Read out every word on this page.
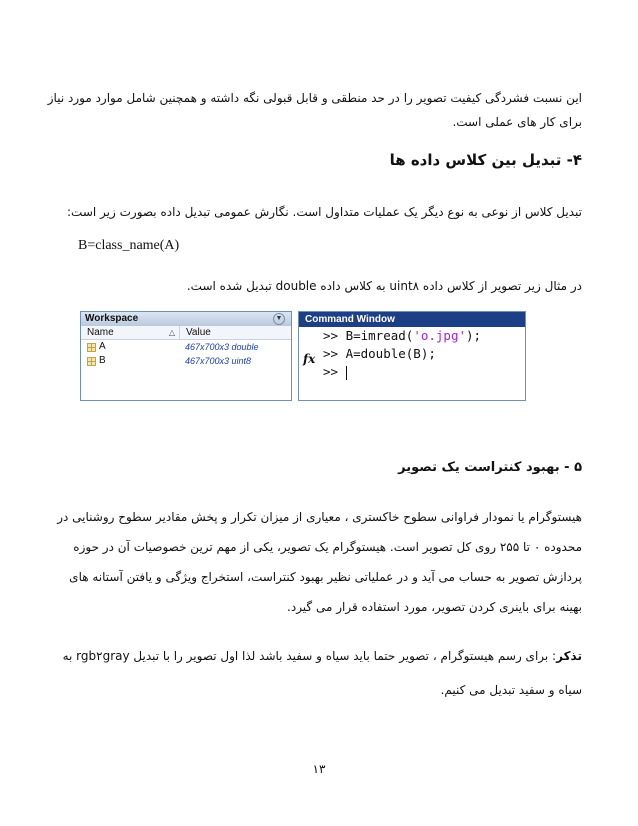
این نسبت فشردگی کیفیت تصویر را در حد منطقی و قابل قبولی نگه داشته و همچنین شامل موارد مورد نیاز
برای کار های عملی است.
۴- تبدیل بین کلاس داده ها
تبدیل کلاس از نوعی به نوع دیگر یک عملیات متداول است. نگارش عمومی تبدیل داده بصورت زیر است:
B=class_name(A)
در مثال زیر تصویر از کلاس داده uint۸ به کلاس داده double تبدیل شده است.
Workspace	▼
Name	△	Value
A	467x700x3 double
B	467x700x3 uint8
Command Window
>> B=imread('o.jpg');
>> A=double(B);
>>
fx
۵ - بهبود کنتراست یک تصویر
هیستوگرام یا نمودار فراوانی سطوح خاکستری ، معیاری از میزان تکرار و پخش مقادیر سطوح روشنایی در
محدوده ۰ تا ۲۵۵ روی کل تصویر است. هیستوگرام یک تصویر، یکی از مهم ترین خصوصیات آن در حوزه
پردازش تصویر به حساب می آید و در عملیاتی نظیر بهبود کنتراست، استخراج ویژگی و یافتن آستانه های
بهینه برای باینری کردن تصویر، مورد استفاده قرار می گیرد.
تذکر: برای رسم هیستوگرام ، تصویر حتما باید سیاه و سفید باشد لذا اول تصویر را با تبدیل rgb۲gray به
سیاه و سفید تبدیل می کنیم.
۱۳
